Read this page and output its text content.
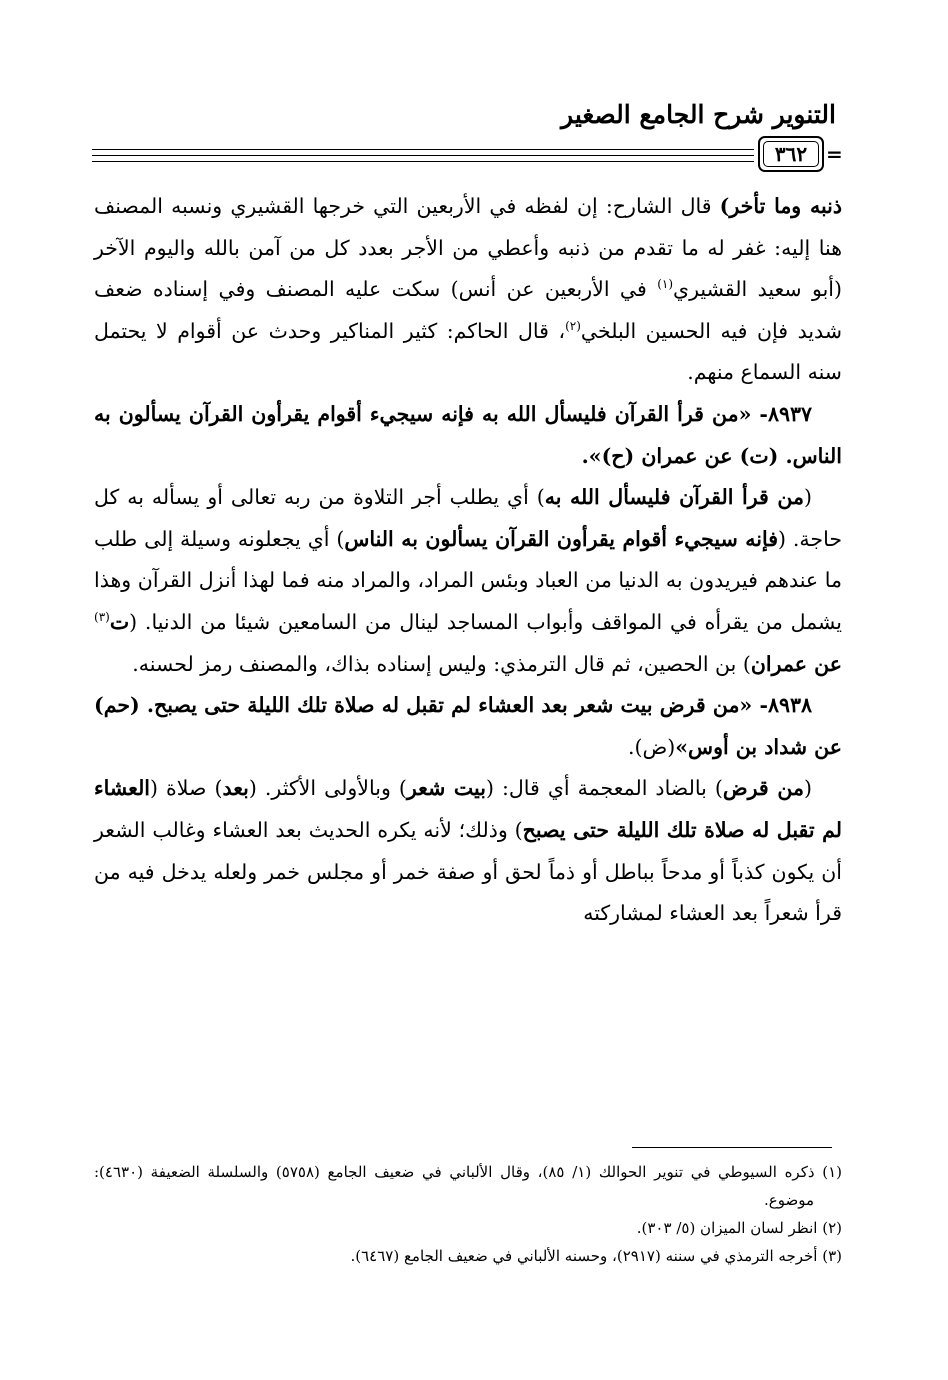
التنوير شرح الجامع الصغير
٣٦٢ =

ذنبه وما تأخر) قال الشارح: إن لفظه في الأربعين التي خرجها القشيري ونسبه المصنف هنا إليه: غفر له ما تقدم من ذنبه وأعطي من الأجر بعدد كل من آمن بالله واليوم الآخر (أبو سعيد القشيري$^{(١)}$ في الأربعين عن أنس) سكت عليه المصنف وفي إسناده ضعف شديد فإن فيه الحسين البلخي$^{(٢)}$، قال الحاكم: كثير المناكير وحدث عن أقوام لا يحتمل سنه السماع منهم.

٨٩٣٧- «من قرأ القرآن فليسأل الله به فإنه سيجيء أقوام يقرأون القرآن يسألون به الناس. (ت) عن عمران (ح)».

(من قرأ القرآن فليسأل الله به) أي يطلب أجر التلاوة من ربه تعالى أو يسأله به كل حاجة. (فإنه سيجيء أقوام يقرأون القرآن يسألون به الناس) أي يجعلونه وسيلة إلى طلب ما عندهم فيريدون به الدنيا من العباد وبئس المراد، والمراد منه فما لهذا أنزل القرآن وهذا يشمل من يقرأه في المواقف وأبواب المساجد لينال من السامعين شيئا من الدنيا. (ت$^{(٣)}$ عن عمران) بن الحصين، ثم قال الترمذي: وليس إسناده بذاك، والمصنف رمز لحسنه.

٨٩٣٨- «من قرض بيت شعر بعد العشاء لم تقبل له صلاة تلك الليلة حتى يصبح. (حم) عن شداد بن أوس»(ض).

(من قرض) بالضاد المعجمة أي قال: (بيت شعر) وبالأولى الأكثر. (بعد) صلاة (العشاء لم تقبل له صلاة تلك الليلة حتى يصبح) وذلك؛ لأنه يكره الحديث بعد العشاء وغالب الشعر أن يكون كذباً أو مدحاً بباطل أو ذماً لحق أو صفة خمر أو مجلس خمر ولعله يدخل فيه من قرأ شعراً بعد العشاء لمشاركته

(١) ذكره السيوطي في تنوير الحوالك (١/ ٨٥)، وقال الألباني في ضعيف الجامع (٥٧٥٨) والسلسلة الضعيفة (٤٦٣٠): موضوع.

(٢) انظر لسان الميزان (٥/ ٣٠٣).

(٣) أخرجه الترمذي في سننه (٢٩١٧)، وحسنه الألباني في ضعيف الجامع (٦٤٦٧).
